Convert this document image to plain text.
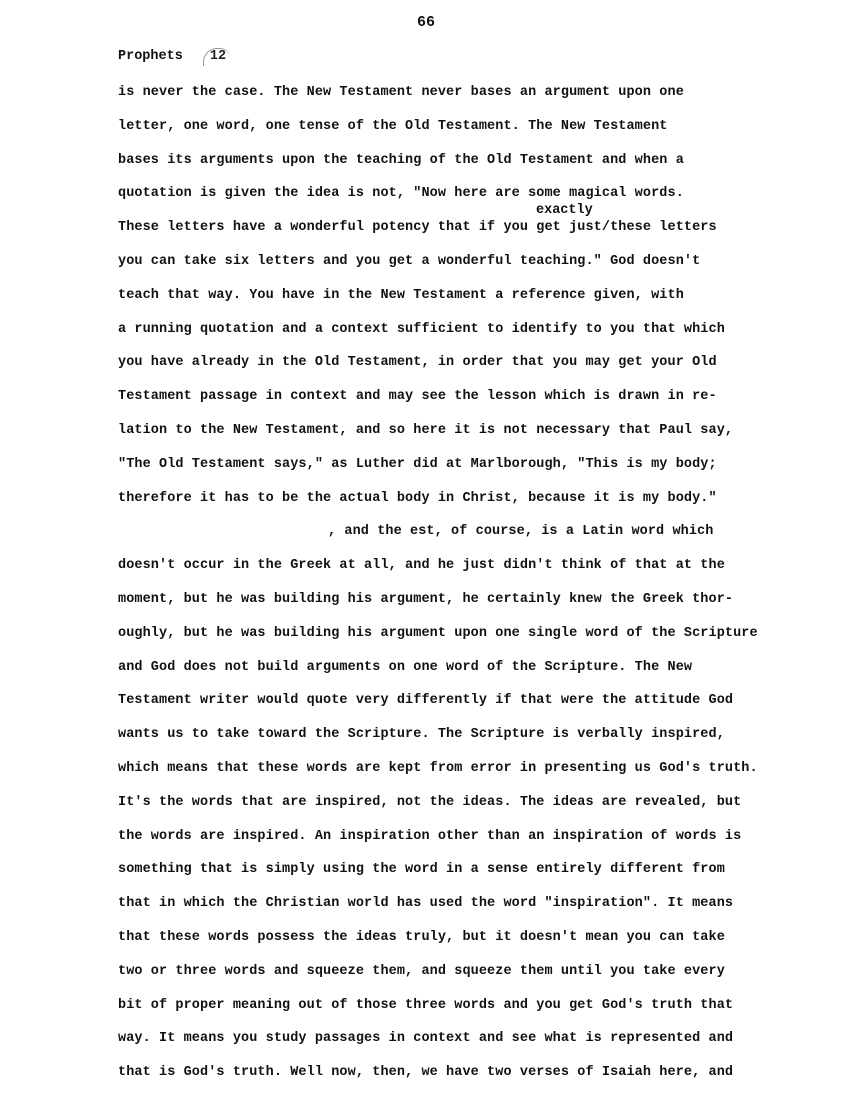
66
Prophets 12
exactly
is never the case. The New Testament never bases an argument upon one
letter, one word, one tense of the Old Testament. The New Testament
bases its arguments upon the teaching of the Old Testament and when a
quotation is given the idea is not, "Now here are some magical words.
These letters have a wonderful potency that if you get just/these letters
you can take six letters and you get a wonderful teaching." God doesn't
teach that way. You have in the New Testament a reference given, with
a running quotation and a context sufficient to identify to you that which
you have already in the Old Testament, in order that you may get your Old
Testament passage in context and may see the lesson which is drawn in re-
lation to the New Testament, and so here it is not necessary that Paul say,
"The Old Testament says," as Luther did at Marlborough, "This is my body;
therefore it has to be the actual body in Christ, because it is my body."
, and the est, of course, is a Latin word which
doesn't occur in the Greek at all, and he just didn't think of that at the
moment, but he was building his argument, he certainly knew the Greek thor-
oughly, but he was building his argument upon one single word of the Scripture
and God does not build arguments on one word of the Scripture. The New
Testament writer would quote very differently if that were the attitude God
wants us to take toward the Scripture. The Scripture is verbally inspired,
which means that these words are kept from error in presenting us God's truth.
It's the words that are inspired, not the ideas. The ideas are revealed, but
the words are inspired. An inspiration other than an inspiration of words is
something that is simply using the word in a sense entirely different from
that in which the Christian world has used the word "inspiration". It means
that these words possess the ideas truly, but it doesn't mean you can take
two or three words and squeeze them, and squeeze them until you take every
bit of proper meaning out of those three words and you get God's truth that
way. It means you study passages in context and see what is represented and
that is God's truth. Well now, then, we have two verses of Isaiah here, and
